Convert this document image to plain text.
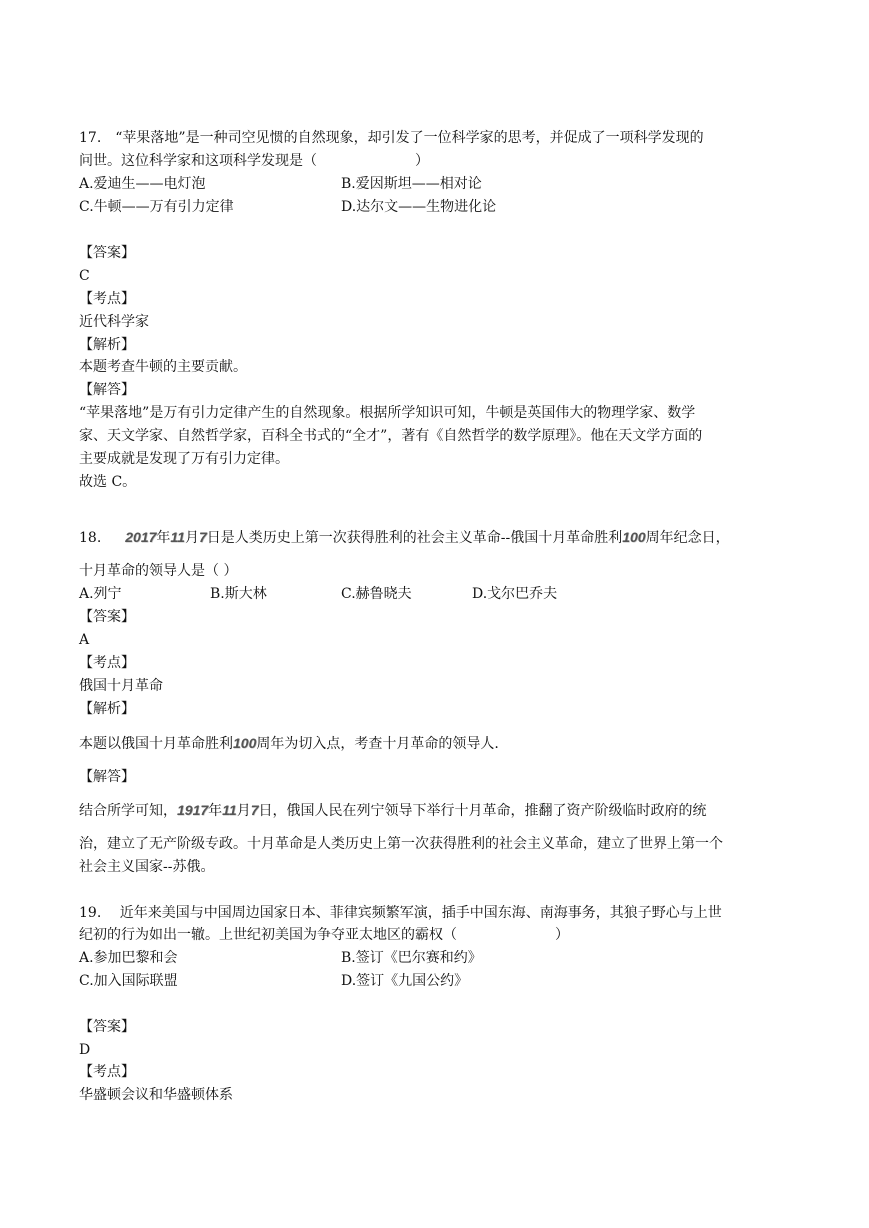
17.　“苹果落地”是一种司空见惯的自然现象，却引发了一位科学家的思考，并促成了一项科学发现的
问世。这位科学家和这项科学发现是（　　　　　　　）
A.爱迪生——电灯泡	B.爱因斯坦——相对论
C.牛顿——万有引力定律	D.达尔文——生物进化论
【答案】
C
【考点】
近代科学家
【解析】
本题考查牛顿的主要贡献。
【解答】
“苹果落地”是万有引力定律产生的自然现象。根据所学知识可知，牛顿是英国伟大的物理学家、数学
家、天文学家、自然哲学家，百科全书式的“全才”，著有《自然哲学的数学原理》。他在天文学方面的
主要成就是发现了万有引力定律。
故选 C。
18. 2017年11月7日是人类历史上第一次获得胜利的社会主义革命--俄国十月革命胜利100周年纪念日，
十月革命的领导人是（ ）
A.列宁	B.斯大林	C.赫鲁晓夫	D.戈尔巴乔夫
【答案】
A
【考点】
俄国十月革命
【解析】
本题以俄国十月革命胜利100周年为切入点，考查十月革命的领导人.
【解答】
结合所学可知，1917年11月7日，俄国人民在列宁领导下举行十月革命，推翻了资产阶级临时政府的统
治，建立了无产阶级专政。十月革命是人类历史上第一次获得胜利的社会主义革命，建立了世界上第一个
社会主义国家--苏俄。
19.　 近年来美国与中国周边国家日本、菲律宾频繁军演，插手中国东海、南海事务，其狼子野心与上世
纪初的行为如出一辙。上世纪初美国为争夺亚太地区的霸权（　　　　　　　）
A.参加巴黎和会	B.签订《巴尔赛和约》
C.加入国际联盟	D.签订《九国公约》
【答案】
D
【考点】
华盛顿会议和华盛顿体系
